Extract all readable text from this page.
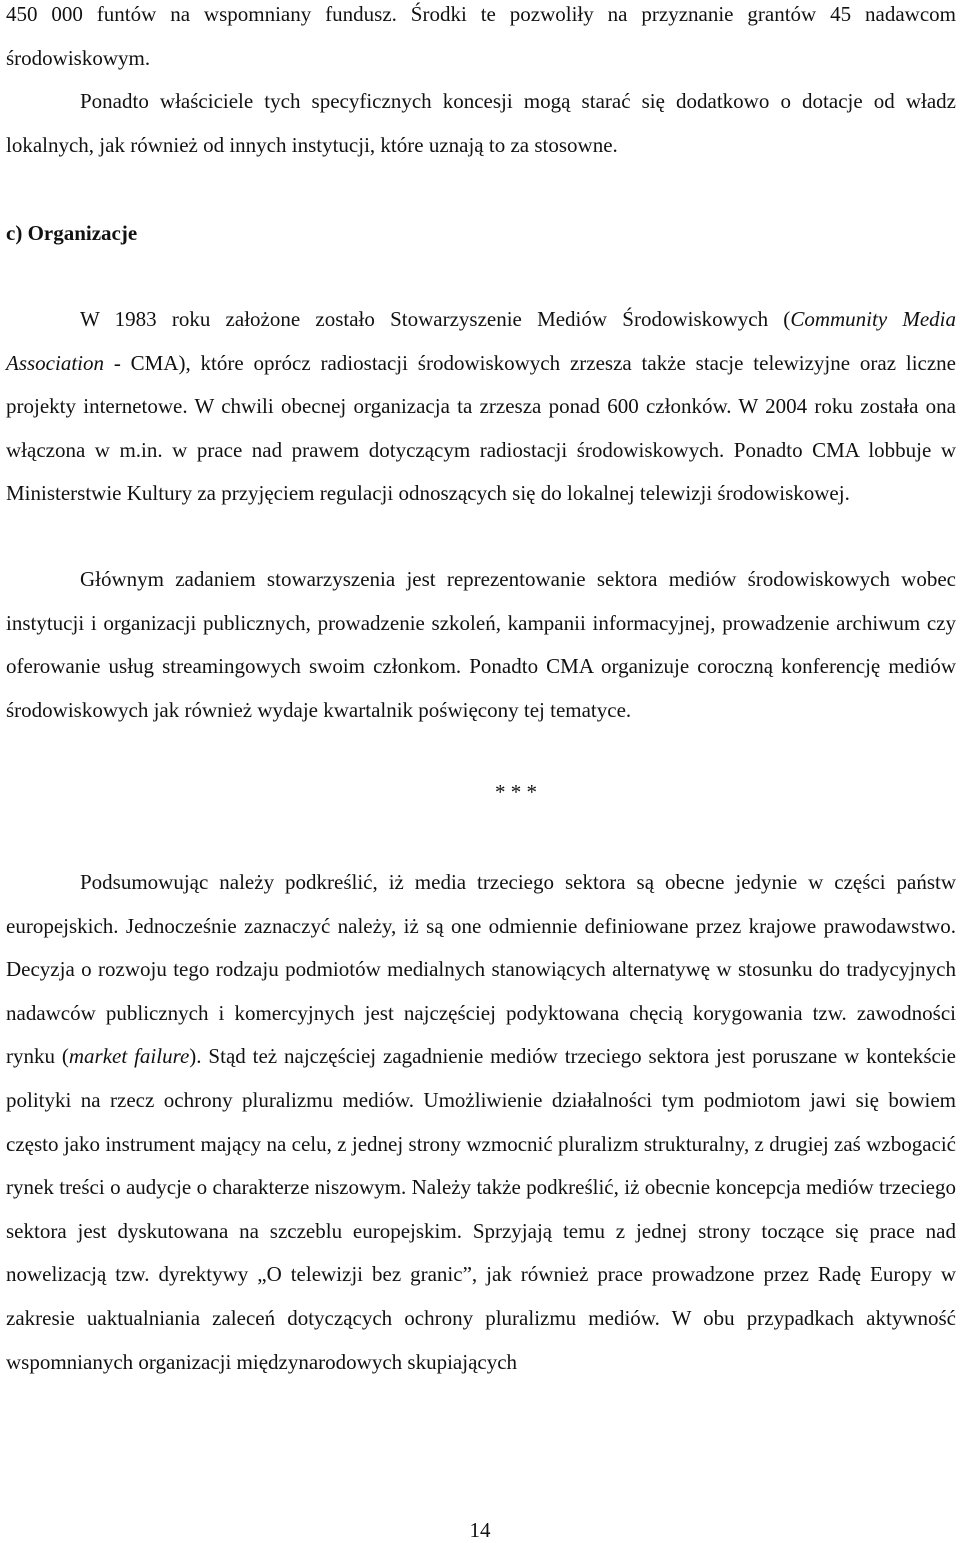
450 000 funtów na wspomniany fundusz. Środki te pozwoliły na przyznanie grantów 45 nadawcom środowiskowym.

Ponadto właściciele tych specyficznych koncesji mogą starać się dodatkowo o dotacje od władz lokalnych, jak również od innych instytucji, które uznają to za stosowne.

c) Organizacje

W 1983 roku założone zostało Stowarzyszenie Mediów Środowiskowych (Community Media Association - CMA), które oprócz radiostacji środowiskowych zrzesza także stacje telewizyjne oraz liczne projekty internetowe. W chwili obecnej organizacja ta zrzesza ponad 600 członków. W 2004 roku została ona włączona w m.in. w prace nad prawem dotyczącym radiostacji środowiskowych. Ponadto CMA lobbuje w Ministerstwie Kultury za przyjęciem regulacji odnoszących się do lokalnej telewizji środowiskowej.

Głównym zadaniem stowarzyszenia jest reprezentowanie sektora mediów środowiskowych wobec instytucji i organizacji publicznych, prowadzenie szkoleń, kampanii informacyjnej, prowadzenie archiwum czy oferowanie usług streamingowych swoim członkom. Ponadto CMA organizuje coroczną konferencję mediów środowiskowych jak również wydaje kwartalnik poświęcony tej tematyce.

* * *

Podsumowując należy podkreślić, iż media trzeciego sektora są obecne jedynie w części państw europejskich. Jednocześnie zaznaczyć należy, iż są one odmiennie definiowane przez krajowe prawodawstwo. Decyzja o rozwoju tego rodzaju podmiotów medialnych stanowiących alternatywę w stosunku do tradycyjnych nadawców publicznych i komercyjnych jest najczęściej podyktowana chęcią korygowania tzw. zawodności rynku (market failure). Stąd też najczęściej zagadnienie mediów trzeciego sektora jest poruszane w kontekście polityki na rzecz ochrony pluralizmu mediów. Umożliwienie działalności tym podmiotom jawi się bowiem często jako instrument mający na celu, z jednej strony wzmocnić pluralizm strukturalny, z drugiej zaś wzbogacić rynek treści o audycje o charakterze niszowym. Należy także podkreślić, iż obecnie koncepcja mediów trzeciego sektora jest dyskutowana na szczeblu europejskim. Sprzyjają temu z jednej strony toczące się prace nad nowelizacją tzw. dyrektywy „O telewizji bez granic”, jak również prace prowadzone przez Radę Europy w zakresie uaktualniania zaleceń dotyczących ochrony pluralizmu mediów. W obu przypadkach aktywność wspomnianych organizacji międzynarodowych skupiających

14
